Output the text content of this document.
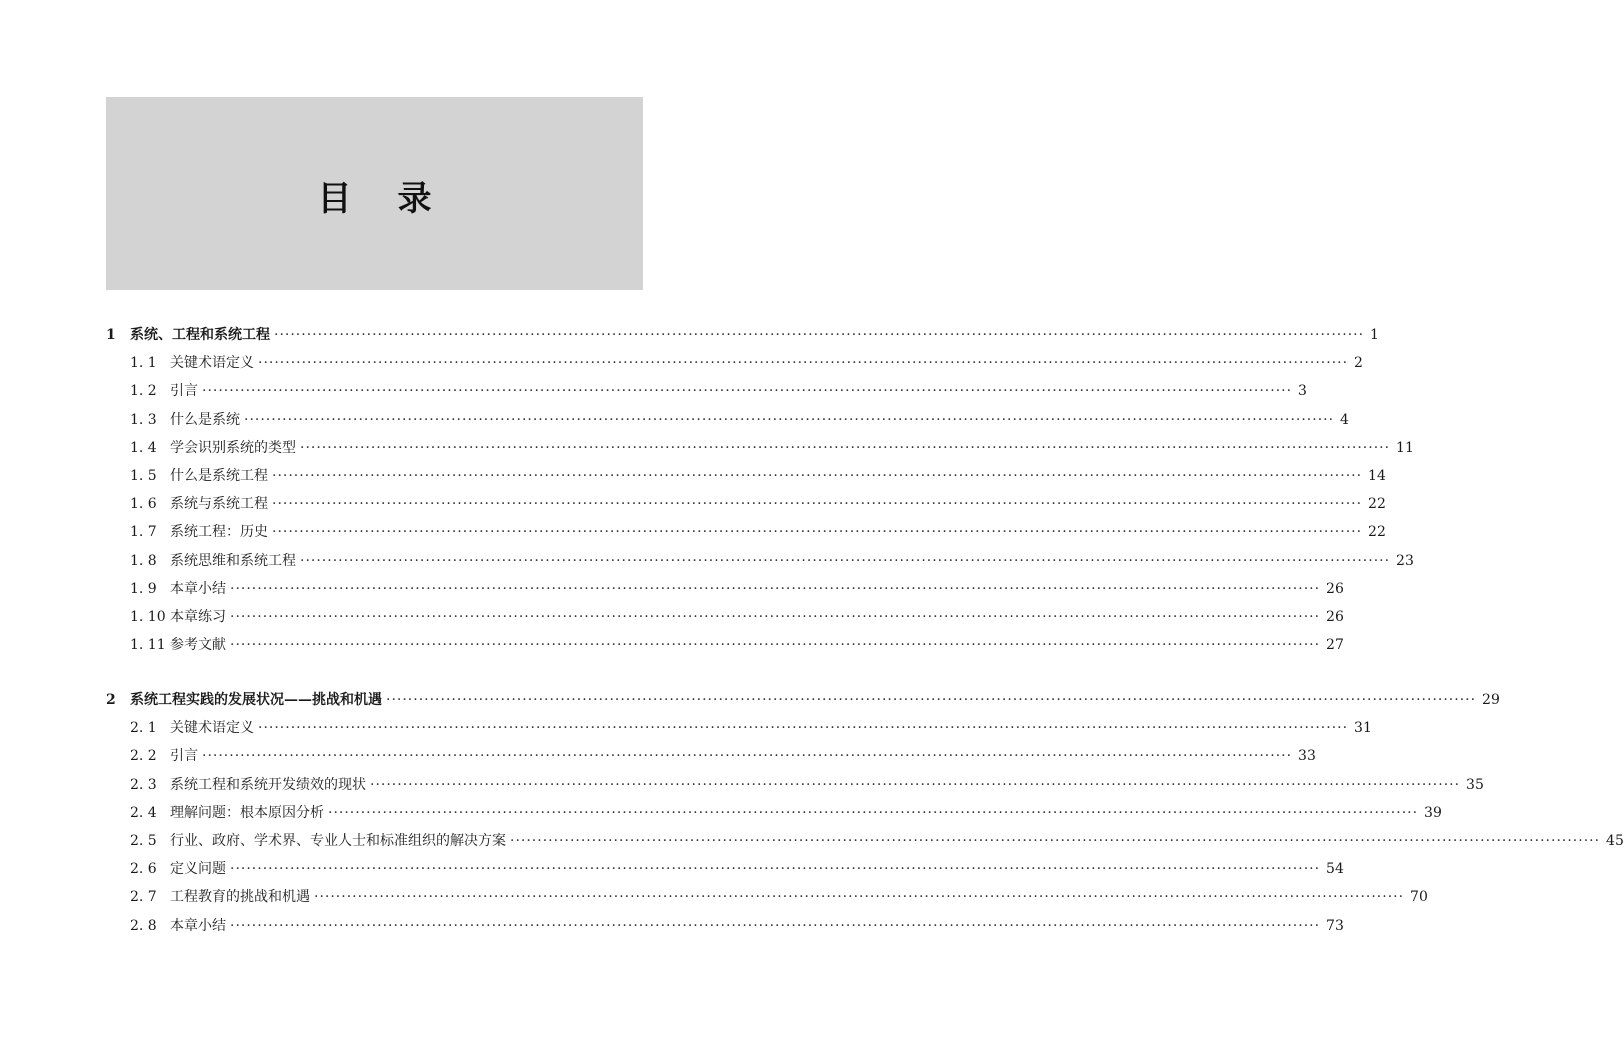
目录
1	系统、工程和系统工程 ········································································································································································································ 1
1. 1 关键术语定义 ········································································································································································································ 2
1. 2 引言 ········································································································································································································ 3
1. 3 什么是系统 ········································································································································································································ 4
1. 4 学会识别系统的类型 ········································································································································································································ 11
1. 5 什么是系统工程 ········································································································································································································ 14
1. 6 系统与系统工程 ········································································································································································································ 22
1. 7 系统工程：历史 ········································································································································································································ 22
1. 8 系统思维和系统工程 ········································································································································································································ 23
1. 9 本章小结 ········································································································································································································ 26
1. 10 本章练习 ········································································································································································································ 26
1. 11 参考文献 ········································································································································································································ 27
2	系统工程实践的发展状况——挑战和机遇 ········································································································································································································ 29
2. 1 关键术语定义 ········································································································································································································ 31
2. 2 引言 ········································································································································································································ 33
2. 3 系统工程和系统开发绩效的现状 ········································································································································································································ 35
2. 4 理解问题：根本原因分析 ········································································································································································································ 39
2. 5 行业、政府、学术界、专业人士和标准组织的解决方案 ········································································································································································································ 45
2. 6 定义问题 ········································································································································································································ 54
2. 7 工程教育的挑战和机遇 ········································································································································································································ 70
2. 8 本章小结 ········································································································································································································ 73
